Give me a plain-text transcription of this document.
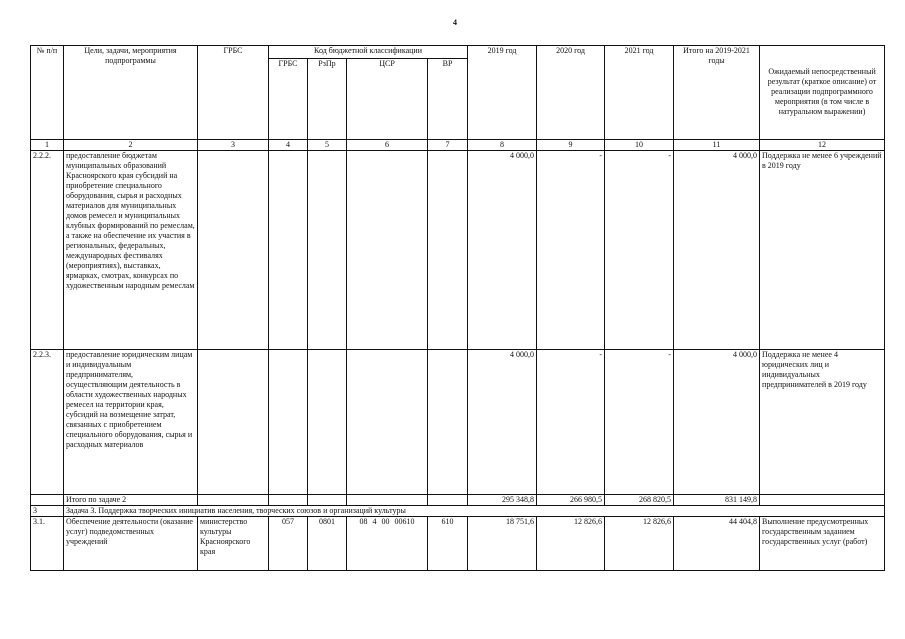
4
№ п/п	Цели, задачи, мероприятия подпрограммы	ГРБС	Код бюджетной классификации				2019 год	2020 год	2021 год	Итого на 2019-2021 годы	Ожидаемый непосредственный результат (краткое описание) от реализации подпрограммного мероприятия (в том числе в натуральном выражении)
			ГРБС	РзПр	ЦСР	ВР					
1	2	3	4	5	6	7	8	9	10	11	12
2.2.2.	предоставление бюджетам муниципальных образований Красноярского края субсидий на приобретение специального оборудования, сырья и расходных материалов для муниципальных домов ремесел и муниципальных клубных формирований по ремеслам, а также на обеспечение их участия в региональных, федеральных, международных фестивалях (мероприятиях), выставках, ярмарках, смотрах, конкурсах по художественным народным ремеслам						4 000,0	-	-	4 000,0	Поддержка не менее 6 учреждений в 2019 году
2.2.3.	предоставление юридическим лицам и индивидуальным предпринимателям, осуществляющим деятельность в области художественных народных ремесел на территории края, субсидий на возмещение затрат, связанных с приобретением специального оборудования, сырья и расходных материалов						4 000,0	-	-	4 000,0	Поддержка не менее 4 юридических лиц и индивидуальных предпринимателей в 2019 году
	Итого по задаче 2						295 348,8	266 980,5	268 820,5	831 149,8	
3	Задача 3. Поддержка творческих инициатив населения, творческих союзов и организаций культуры										
3.1.	Обеспечение деятельности (оказание услуг) подведомственных учреждений	министерство культуры Красноярского края	057	0801	08 4 00 00610	610	18 751,6	12 826,6	12 826,6	44 404,8	Выполнение предусмотренных государственным заданием государственных услуг (работ)
